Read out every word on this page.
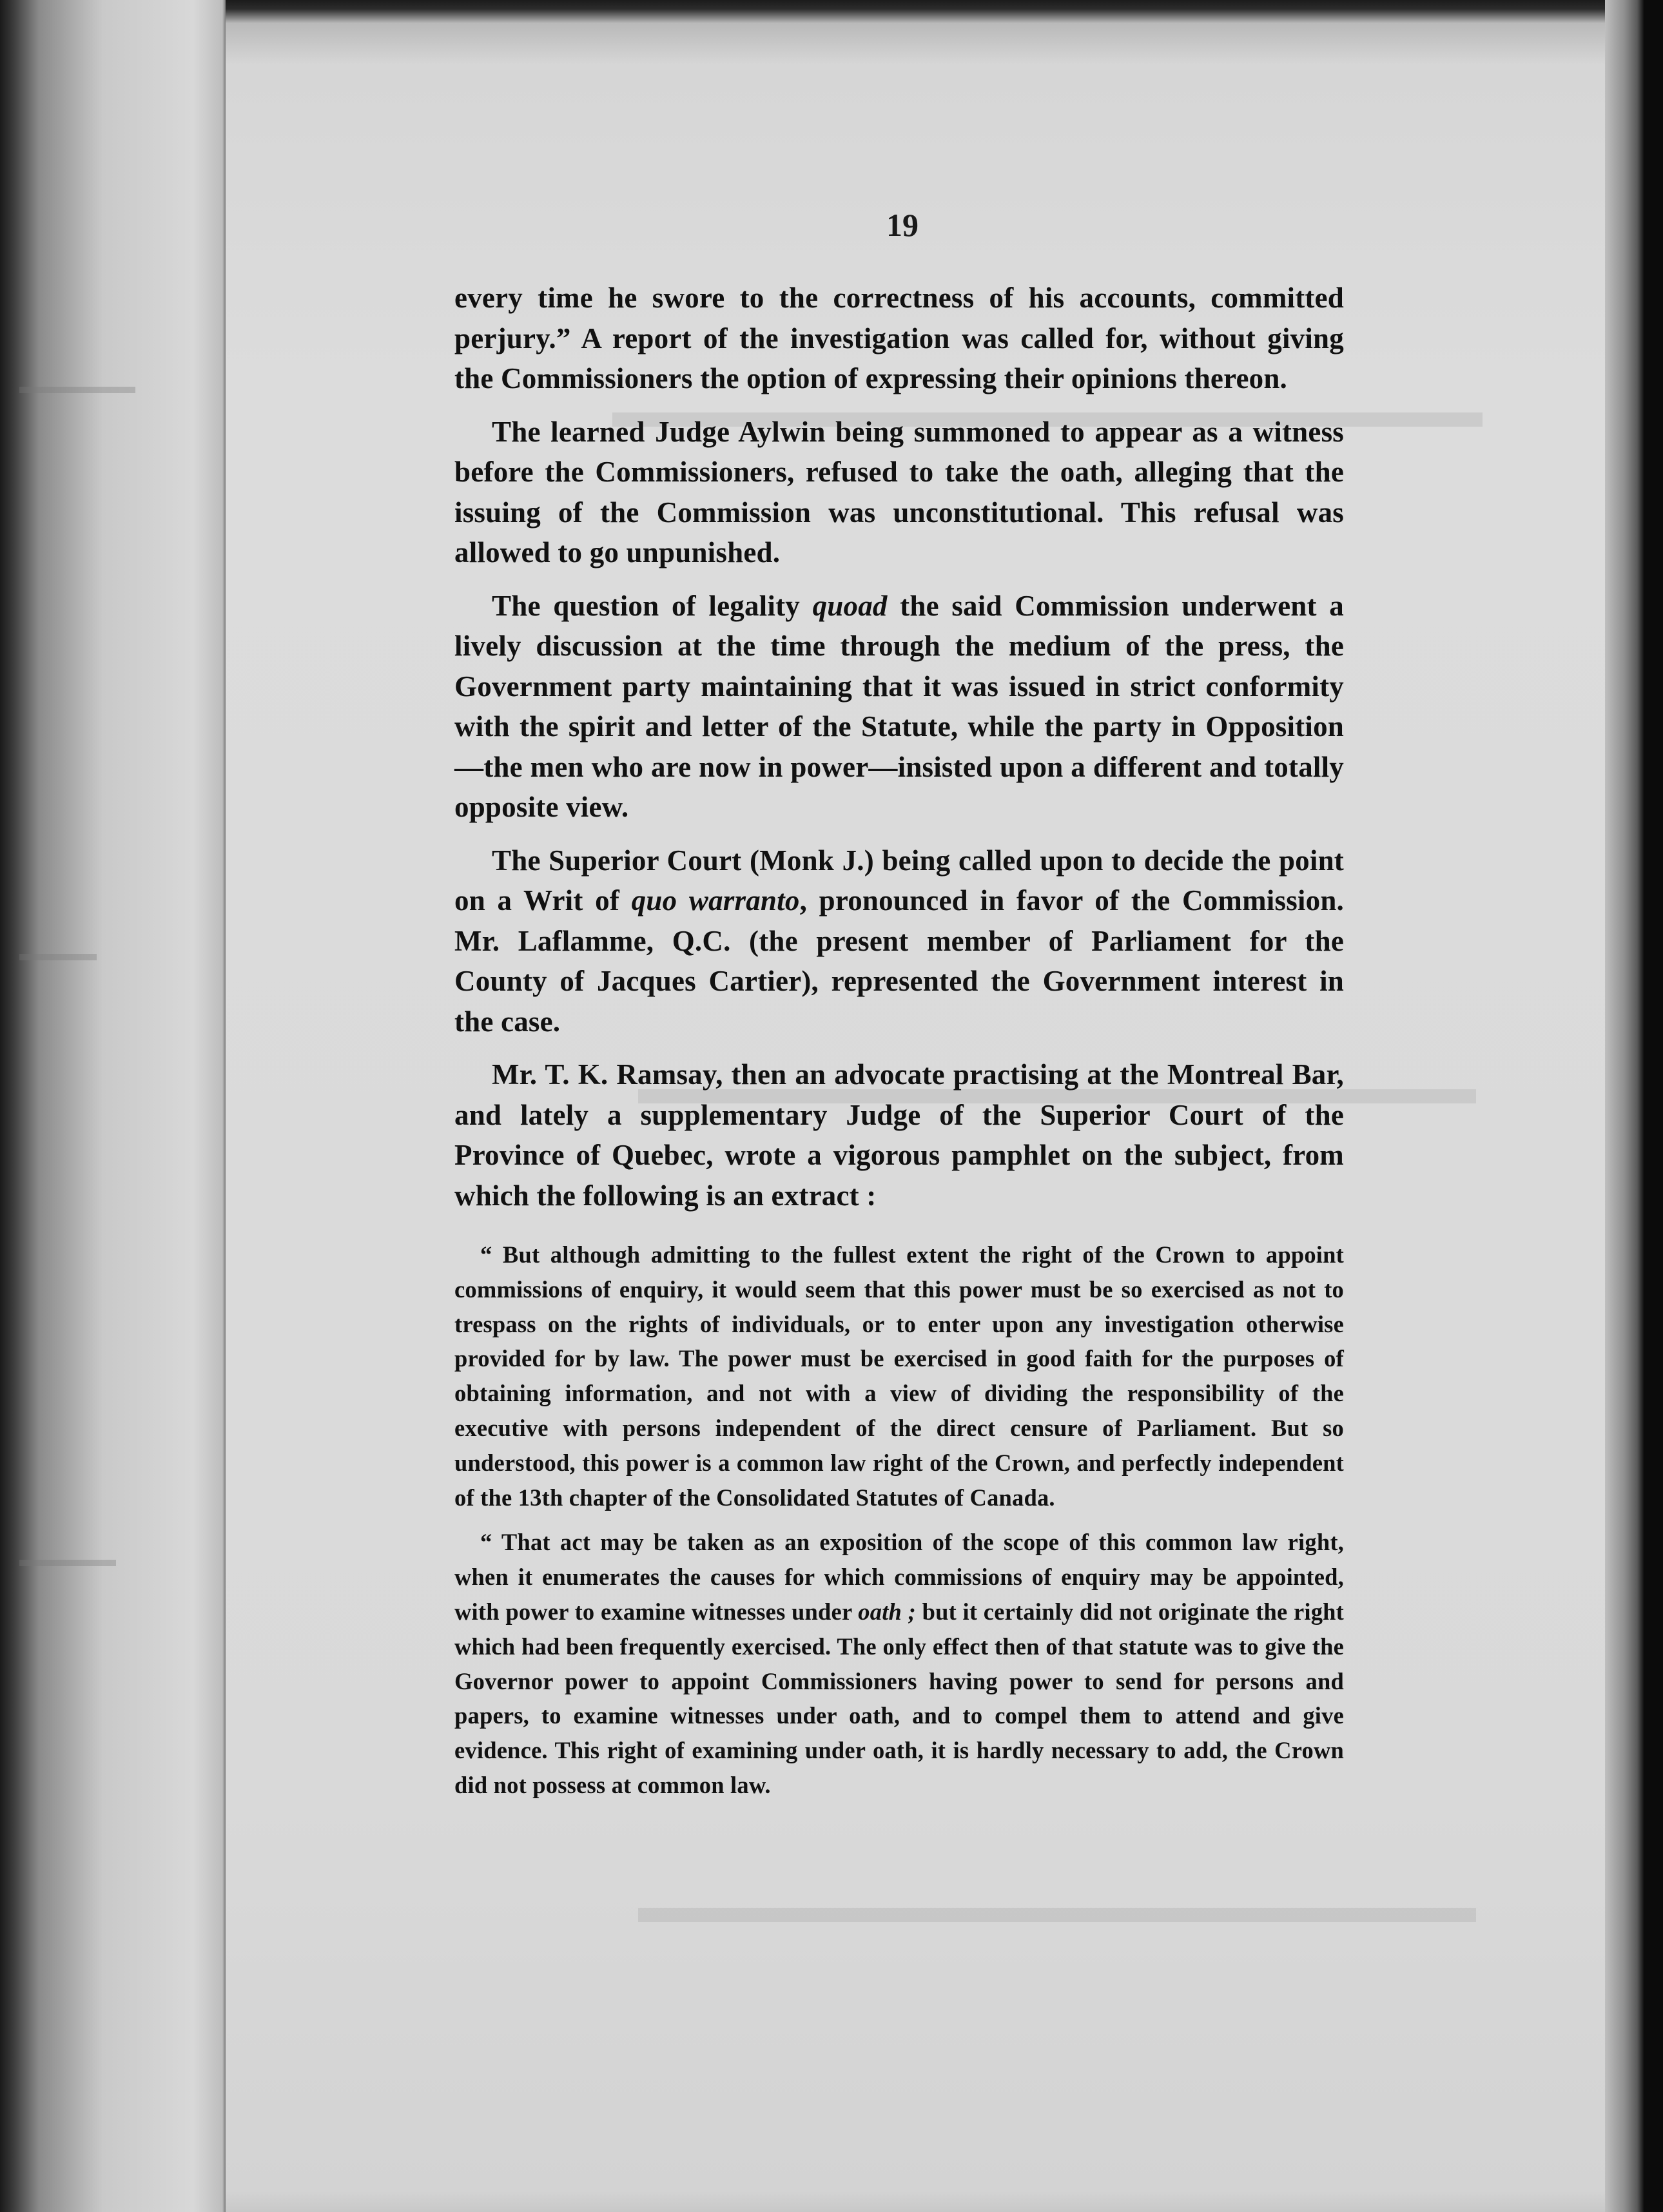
19

every time he swore to the correctness of his accounts, committed perjury.” A report of the investigation was called for, without giving the Commissioners the option of expressing their opinions thereon.

The learned Judge Aylwin being summoned to appear as a witness before the Commissioners, refused to take the oath, alleging that the issuing of the Commission was unconstitutional. This refusal was allowed to go unpunished.

The question of legality quoad the said Commission underwent a lively discussion at the time through the medium of the press, the Government party maintaining that it was issued in strict conformity with the spirit and letter of the Statute, while the party in Opposition—the men who are now in power—insisted upon a different and totally opposite view.

The Superior Court (Monk J.) being called upon to decide the point on a Writ of quo warranto, pronounced in favor of the Commission. Mr. Laflamme, Q.C. (the present member of Parliament for the County of Jacques Cartier), represented the Government interest in the case.

Mr. T. K. Ramsay, then an advocate practising at the Montreal Bar, and lately a supplementary Judge of the Superior Court of the Province of Quebec, wrote a vigorous pamphlet on the subject, from which the following is an extract :

“ But although admitting to the fullest extent the right of the Crown to appoint commissions of enquiry, it would seem that this power must be so exercised as not to trespass on the rights of individuals, or to enter upon any investigation otherwise provided for by law. The power must be exercised in good faith for the purposes of obtaining information, and not with a view of dividing the responsibility of the executive with persons independent of the direct censure of Parliament. But so understood, this power is a common law right of the Crown, and perfectly independent of the 13th chapter of the Consolidated Statutes of Canada.

“ That act may be taken as an exposition of the scope of this common law right, when it enumerates the causes for which commissions of enquiry may be appointed, with power to examine witnesses under oath ; but it certainly did not originate the right which had been frequently exercised. The only effect then of that statute was to give the Governor power to appoint Commissioners having power to send for persons and papers, to examine witnesses under oath, and to compel them to attend and give evidence. This right of examining under oath, it is hardly necessary to add, the Crown did not possess at common law.
